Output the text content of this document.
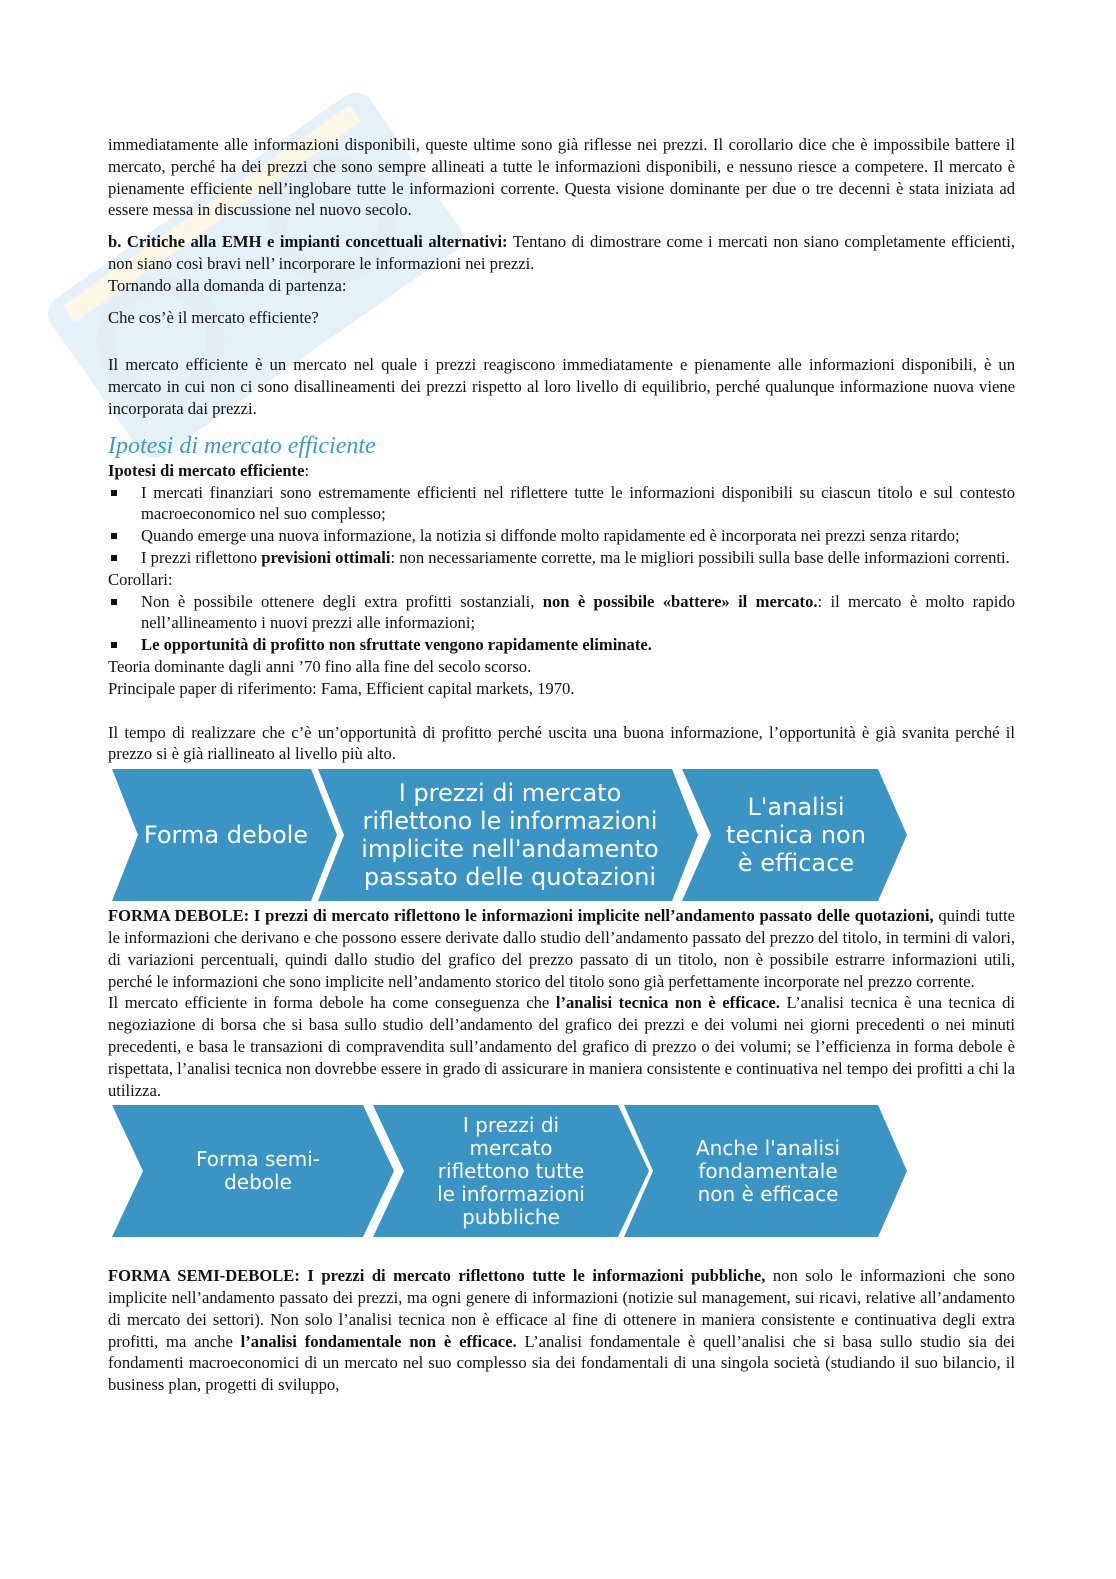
immediatamente alle informazioni disponibili, queste ultime sono già riflesse nei prezzi. Il corollario dice che è impossibile battere il mercato, perché ha dei prezzi che sono sempre allineati a tutte le informazioni disponibili, e nessuno riesce a competere. Il mercato è pienamente efficiente nell’inglobare tutte le informazioni corrente. Questa visione dominante per due o tre decenni è stata iniziata ad essere messa in discussione nel nuovo secolo.

b. Critiche alla EMH e impianti concettuali alternativi: Tentano di dimostrare come i mercati non siano completamente efficienti, non siano così bravi nell’ incorporare le informazioni nei prezzi.

Tornando alla domanda di partenza:

Che cos’è il mercato efficiente?

Il mercato efficiente è un mercato nel quale i prezzi reagiscono immediatamente e pienamente alle informazioni disponibili, è un mercato in cui non ci sono disallineamenti dei prezzi rispetto al loro livello di equilibrio, perché qualunque informazione nuova viene incorporata dai prezzi.

Ipotesi di mercato efficiente

Ipotesi di mercato efficiente:

I mercati finanziari sono estremamente efficienti nel riflettere tutte le informazioni disponibili su ciascun titolo e sul contesto macroeconomico nel suo complesso;
Quando emerge una nuova informazione, la notizia si diffonde molto rapidamente ed è incorporata nei prezzi senza ritardo;
I prezzi riflettono previsioni ottimali: non necessariamente corrette, ma le migliori possibili sulla base delle informazioni correnti.

Corollari:

Non è possibile ottenere degli extra profitti sostanziali, non è possibile «battere» il mercato.: il mercato è molto rapido nell’allineamento i nuovi prezzi alle informazioni;
Le opportunità di profitto non sfruttate vengono rapidamente eliminate.

Teoria dominante dagli anni ’70 fino alla fine del secolo scorso.

Principale paper di riferimento: Fama, Efficient capital markets, 1970.

Il tempo di realizzare che c’è un’opportunità di profitto perché uscita una buona informazione, l’opportunità è già svanita perché il prezzo si è già riallineato al livello più alto.

Forma debole
I prezzi di mercato riflettono le informazioni implicite nell'andamento passato delle quotazioni
L'analisi tecnica non è efficace

FORMA DEBOLE: I prezzi di mercato riflettono le informazioni implicite nell’andamento passato delle quotazioni, quindi tutte le informazioni che derivano e che possono essere derivate dallo studio dell’andamento passato del prezzo del titolo, in termini di valori, di variazioni percentuali, quindi dallo studio del grafico del prezzo passato di un titolo, non è possibile estrarre informazioni utili, perché le informazioni che sono implicite nell’andamento storico del titolo sono già perfettamente incorporate nel prezzo corrente.

Il mercato efficiente in forma debole ha come conseguenza che l’analisi tecnica non è efficace. L’analisi tecnica è una tecnica di negoziazione di borsa che si basa sullo studio dell’andamento del grafico dei prezzi e dei volumi nei giorni precedenti o nei minuti precedenti, e basa le transazioni di compravendita sull’andamento del grafico di prezzo o dei volumi; se l’efficienza in forma debole è rispettata, l’analisi tecnica non dovrebbe essere in grado di assicurare in maniera consistente e continuativa nel tempo dei profitti a chi la utilizza.

Forma semi-debole
I prezzi di mercato riflettono tutte le informazioni pubbliche
Anche l'analisi fondamentale non è efficace

FORMA SEMI-DEBOLE: I prezzi di mercato riflettono tutte le informazioni pubbliche, non solo le informazioni che sono implicite nell’andamento passato dei prezzi, ma ogni genere di informazioni (notizie sul management, sui ricavi, relative all’andamento di mercato dei settori). Non solo l’analisi tecnica non è efficace al fine di ottenere in maniera consistente e continuativa degli extra profitti, ma anche l’analisi fondamentale non è efficace. L’analisi fondamentale è quell’analisi che si basa sullo studio sia dei fondamenti macroeconomici di un mercato nel suo complesso sia dei fondamentali di una singola società (studiando il suo bilancio, il business plan, progetti di sviluppo,
